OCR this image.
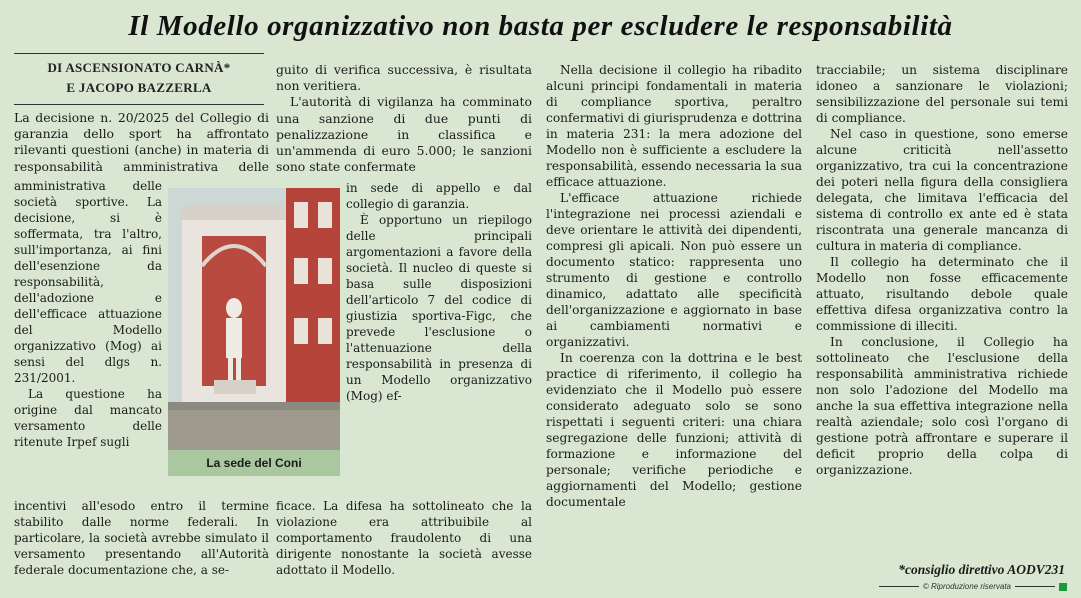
Il Modello organizzativo non basta per escludere le responsabilità
DI ASCENSIONATO CARNÀ*
E JACOPO BAZZERLA

La decisione n. 20/2025 del Collegio di garanzia dello sport ha affrontato rilevanti questioni (anche) in materia di responsabilità amministrativa delle

amministrativa delle società sportive. La decisione, si è soffermata, tra l'altro, sull'importanza, ai fini dell'esenzione da responsabilità, dell'adozione e dell'efficace attuazione del Modello organizzativo (Mog) ai sensi del dlgs n. 231/2001.

La questione ha origine dal mancato versamento delle ritenute Irpef sugli

La sede del Coni

incentivi all'esodo entro il termine stabilito dalle norme federali. In particolare, la società avrebbe simulato il versamento presentando all'Autorità federale documentazione che, a se-

guito di verifica successiva, è risultata non veritiera.

L'autorità di vigilanza ha comminato una sanzione di due punti di penalizzazione in classifica e un'ammenda di euro 5.000; le sanzioni sono state confermate

in sede di appello e dal collegio di garanzia.

È opportuno un riepilogo delle principali argomentazioni a favore della società. Il nucleo di queste si basa sulle disposizioni dell'articolo 7 del codice di giustizia sportiva-Figc, che prevede l'esclusione o l'attenuazione della responsabilità in presenza di un Modello organizzativo (Mog) ef-

ficace. La difesa ha sottolineato che la violazione era attribuibile al comportamento fraudolento di una dirigente nonostante la società avesse adottato il Modello.

Nella decisione il collegio ha ribadito alcuni principi fondamentali in materia di compliance sportiva, peraltro confermativi di giurisprudenza e dottrina in materia 231: la mera adozione del Modello non è sufficiente a escludere la responsabilità, essendo necessaria la sua efficace attuazione.

L'efficace attuazione richiede l'integrazione nei processi aziendali e deve orientare le attività dei dipendenti, compresi gli apicali. Non può essere un documento statico: rappresenta uno strumento di gestione e controllo dinamico, adattato alle specificità dell'organizzazione e aggiornato in base ai cambiamenti normativi e organizzativi.

In coerenza con la dottrina e le best practice di riferimento, il collegio ha evidenziato che il Modello può essere considerato adeguato solo se sono rispettati i seguenti criteri: una chiara segregazione delle funzioni; attività di formazione e informazione del personale; verifiche periodiche e aggiornamenti del Modello; gestione documentale

tracciabile; un sistema disciplinare idoneo a sanzionare le violazioni; sensibilizzazione del personale sui temi di compliance.

Nel caso in questione, sono emerse alcune criticità nell'assetto organizzativo, tra cui la concentrazione dei poteri nella figura della consigliera delegata, che limitava l'efficacia del sistema di controllo ex ante ed è stata riscontrata una generale mancanza di cultura in materia di compliance.

Il collegio ha determinato che il Modello non fosse efficacemente attuato, risultando debole quale effettiva difesa organizzativa contro la commissione di illeciti.

In conclusione, il Collegio ha sottolineato che l'esclusione della responsabilità amministrativa richiede non solo l'adozione del Modello ma anche la sua effettiva integrazione nella realtà aziendale; solo così l'organo di gestione potrà affrontare e superare il deficit proprio della colpa di organizzazione.

*consiglio direttivo AODV231
© Riproduzione riservata
